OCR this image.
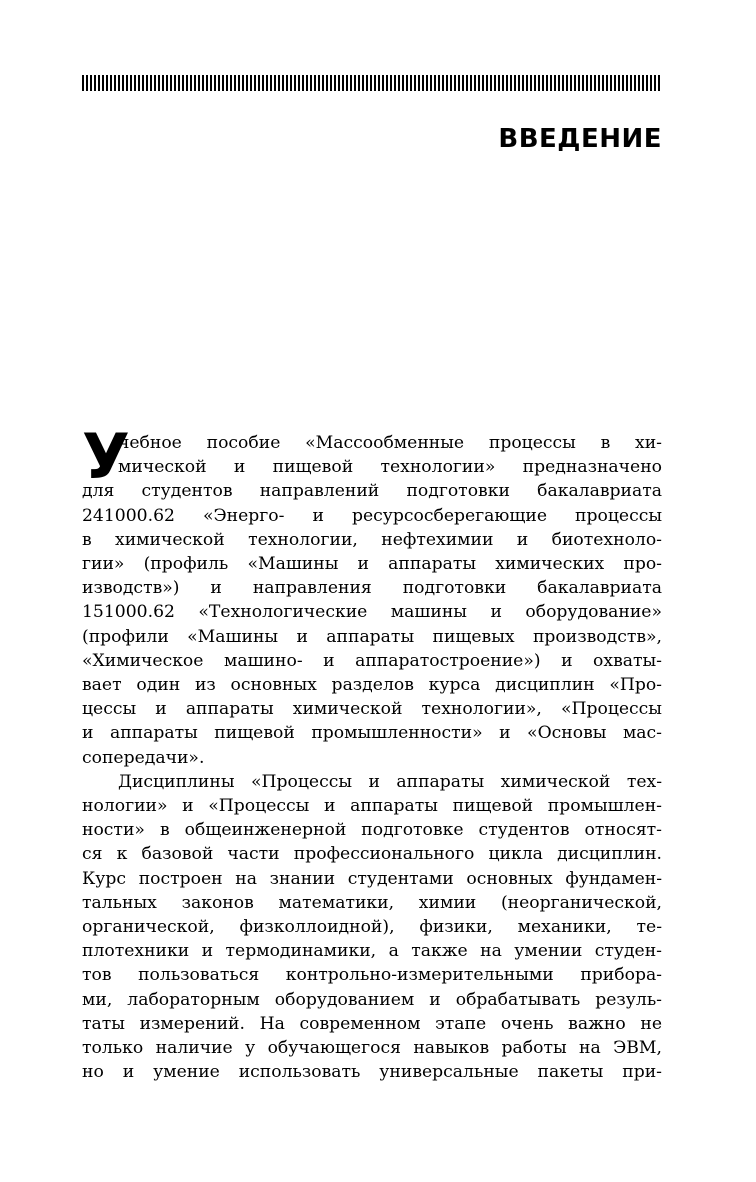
ВВЕДЕНИЕ
У
чебное пособие «Массообменные процессы в хи-
мической и пищевой технологии» предназначено
для студентов направлений подготовки бакалавриата
241000.62 «Энерго- и ресурсосберегающие процессы
в химической технологии, нефтехимии и биотехноло-
гии» (профиль «Машины и аппараты химических про-
изводств») и направления подготовки бакалавриата
151000.62 «Технологические машины и оборудование»
(профили «Машины и аппараты пищевых производств»,
«Химическое машино- и аппаратостроение») и охваты-
вает один из основных разделов курса дисциплин «Про-
цессы и аппараты химической технологии», «Процессы
и аппараты пищевой промышленности» и «Основы мас-
сопередачи».
Дисциплины «Процессы и аппараты химической тех-
нологии» и «Процессы и аппараты пищевой промышлен-
ности» в общеинженерной подготовке студентов относят-
ся к базовой части профессионального цикла дисциплин.
Курс построен на знании студентами основных фундамен-
тальных законов математики, химии (неорганической,
органической, физколлоидной), физики, механики, те-
плотехники и термодинамики, а также на умении студен-
тов пользоваться контрольно-измерительными прибора-
ми, лабораторным оборудованием и обрабатывать резуль-
таты измерений. На современном этапе очень важно не
только наличие у обучающегося навыков работы на ЭВМ,
но и умение использовать универсальные пакеты при-
